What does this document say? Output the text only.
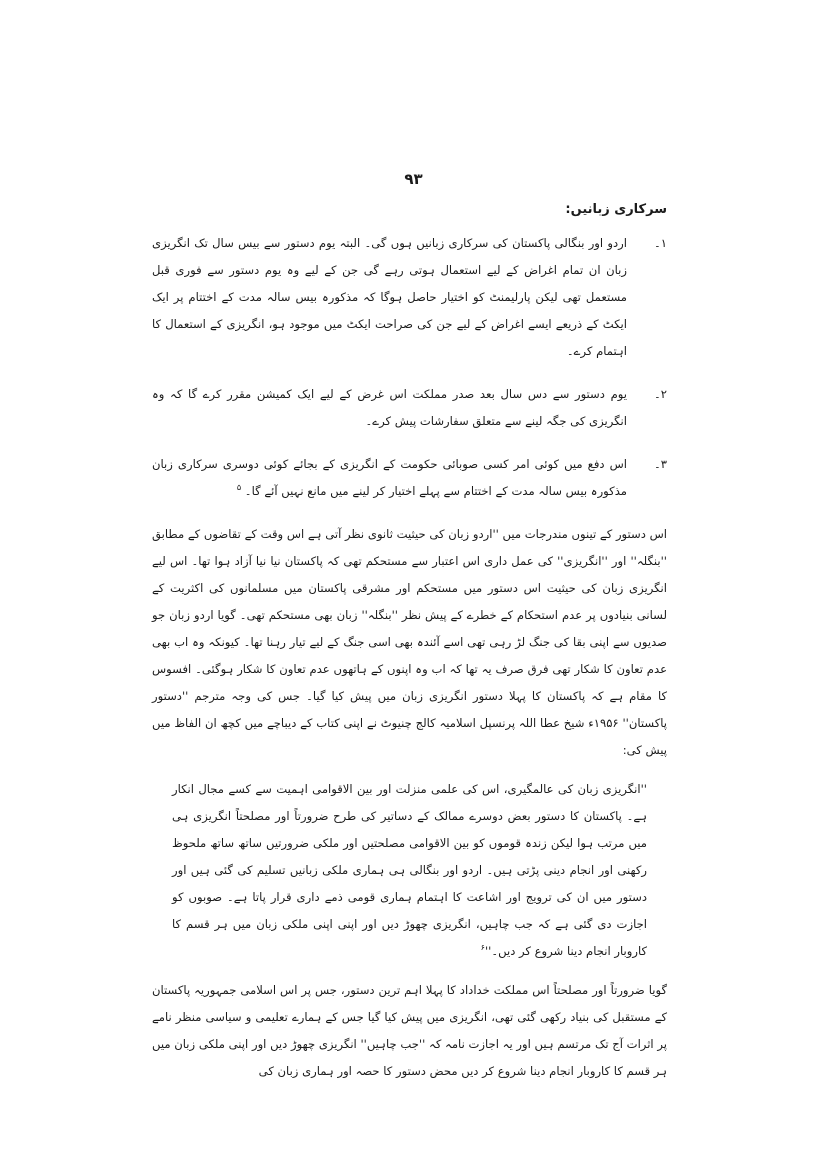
۹۳
سرکاری زبانیں:
۱۔
اردو اور بنگالی پاکستان کی سرکاری زبانیں ہوں گی۔ البتہ یوم دستور سے بیس سال تک انگریزی زبان ان تمام اغراض کے لیے استعمال ہوتی رہے گی جن کے لیے وہ یوم دستور سے فوری قبل مستعمل تھی لیکن پارلیمنٹ کو اختیار حاصل ہوگا کہ مذکورہ بیس سالہ مدت کے اختتام پر ایک ایکٹ کے ذریعے ایسے اغراض کے لیے جن کی صراحت ایکٹ میں موجود ہو، انگریزی کے استعمال کا اہتمام کرے۔
۲۔
یوم دستور سے دس سال بعد صدر مملکت اس غرض کے لیے ایک کمیشن مقرر کرے گا کہ وہ انگریزی کی جگہ لینے سے متعلق سفارشات پیش کرے۔
۳۔
اس دفع میں کوئی امر کسی صوبائی حکومت کے انگریزی کے بجائے کوئی دوسری سرکاری زبان مذکورہ بیس سالہ مدت کے اختتام سے پہلے اختیار کر لینے میں مانع نہیں آئے گا۔ $^۵$

اس دستور کے تینوں مندرجات میں ''اردو زبان کی حیثیت ثانوی نظر آتی ہے اس وقت کے تقاضوں کے مطابق ''بنگلہ'' اور ''انگریزی'' کی عمل داری اس اعتبار سے مستحکم تھی کہ پاکستان نیا نیا آزاد ہوا تھا۔ اس لیے انگریزی زبان کی حیثیت اس دستور میں مستحکم اور مشرقی پاکستان میں مسلمانوں کی اکثریت کے لسانی بنیادوں پر عدم استحکام کے خطرے کے پیش نظر ''بنگلہ'' زبان بھی مستحکم تھی۔ گویا اردو زبان جو صدیوں سے اپنی بقا کی جنگ لڑ رہی تھی اسے آئندہ بھی اسی جنگ کے لیے تیار رہنا تھا۔ کیونکہ وہ اب بھی عدم تعاون کا شکار تھی فرق صرف یہ تھا کہ اب وہ اپنوں کے ہاتھوں عدم تعاون کا شکار ہوگئی۔ افسوس کا مقام ہے کہ پاکستان کا پہلا دستور انگریزی زبان میں پیش کیا گیا۔ جس کی وجہ مترجم ''دستور پاکستان'' ۱۹۵۶ء شیخ عطا اللہ پرنسپل اسلامیہ کالج چنیوٹ نے اپنی کتاب کے دیباچے میں کچھ ان الفاظ میں پیش کی:

''انگریزی زبان کی عالمگیری، اس کی علمی منزلت اور بین الاقوامی اہمیت سے کسے مجال انکار ہے۔ پاکستان کا دستور بعض دوسرے ممالک کے دساتیر کی طرح ضرورتاً اور مصلحتاً انگریزی ہی میں مرتب ہوا لیکن زندہ قوموں کو بین الاقوامی مصلحتیں اور ملکی ضرورتیں ساتھ ساتھ ملحوظ رکھنی اور انجام دینی پڑتی ہیں۔ اردو اور بنگالی ہی ہماری ملکی زبانیں تسلیم کی گئی ہیں اور دستور میں ان کی ترویج اور اشاعت کا اہتمام ہماری قومی ذمے داری قرار پاتا ہے۔ صوبوں کو اجازت دی گئی ہے کہ جب چاہیں، انگریزی چھوڑ دیں اور اپنی اپنی ملکی زبان میں ہر قسم کا کاروبار انجام دینا شروع کر $دیں۔''^۶$

گویا ضرورتاً اور مصلحتاً اس مملکت خداداد کا پہلا اہم ترین دستور، جس پر اس اسلامی جمہوریہ پاکستان کے مستقبل کی بنیاد رکھی گئی تھی، انگریزی میں پیش کیا گیا جس کے ہمارے تعلیمی و سیاسی منظر نامے پر اثرات آج تک مرتسم ہیں اور یہ اجازت نامہ کہ ''جب چاہیں'' انگریزی چھوڑ دیں اور اپنی ملکی زبان میں ہر قسم کا کاروبار انجام دینا شروع کر دیں محض دستور کا حصہ اور ہماری زبان کی
